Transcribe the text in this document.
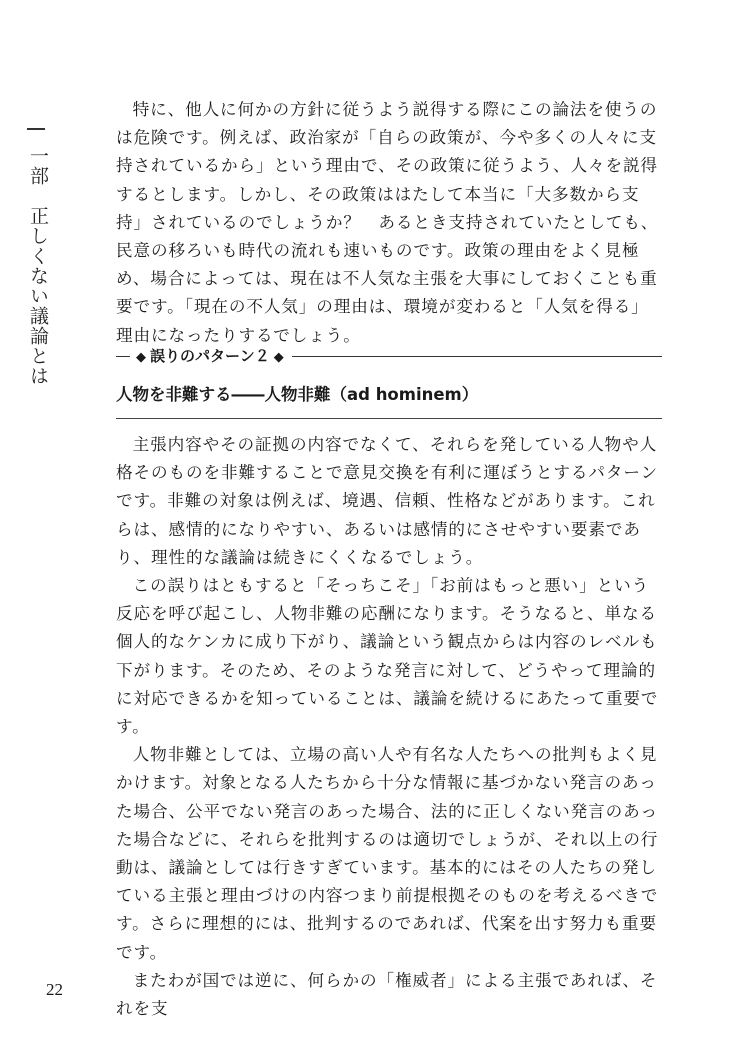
一部　正しくない議論とは

特に、他人に何かの方針に従うよう説得する際にこの論法を使うのは危険です。例えば、政治家が「自らの政策が、今や多くの人々に支持されているから」という理由で、その政策に従うよう、人々を説得するとします。しかし、その政策ははたして本当に「大多数から支持」されているのでしょうか？　あるとき支持されていたとしても、民意の移ろいも時代の流れも速いものです。政策の理由をよく見極め、場合によっては、現在は不人気な主張を大事にしておくことも重要です。「現在の不人気」の理由は、環境が変わると「人気を得る」理由になったりするでしょう。

◆ 誤りのパターン２ ◆
人物を非難する――人物非難（ad hominem）

主張内容やその証拠の内容でなくて、それらを発している人物や人格そのものを非難することで意見交換を有利に運ぼうとするパターンです。非難の対象は例えば、境遇、信頼、性格などがあります。これらは、感情的になりやすい、あるいは感情的にさせやすい要素であり、理性的な議論は続きにくくなるでしょう。

この誤りはともすると「そっちこそ」「お前はもっと悪い」という反応を呼び起こし、人物非難の応酬になります。そうなると、単なる個人的なケンカに成り下がり、議論という観点からは内容のレベルも下がります。そのため、そのような発言に対して、どうやって理論的に対応できるかを知っていることは、議論を続けるにあたって重要です。

人物非難としては、立場の高い人や有名な人たちへの批判もよく見かけます。対象となる人たちから十分な情報に基づかない発言のあった場合、公平でない発言のあった場合、法的に正しくない発言のあった場合などに、それらを批判するのは適切でしょうが、それ以上の行動は、議論としては行きすぎています。基本的にはその人たちの発している主張と理由づけの内容つまり前提根拠そのものを考えるべきです。さらに理想的には、批判するのであれば、代案を出す努力も重要です。

またわが国では逆に、何らかの「権威者」による主張であれば、それを支

22
